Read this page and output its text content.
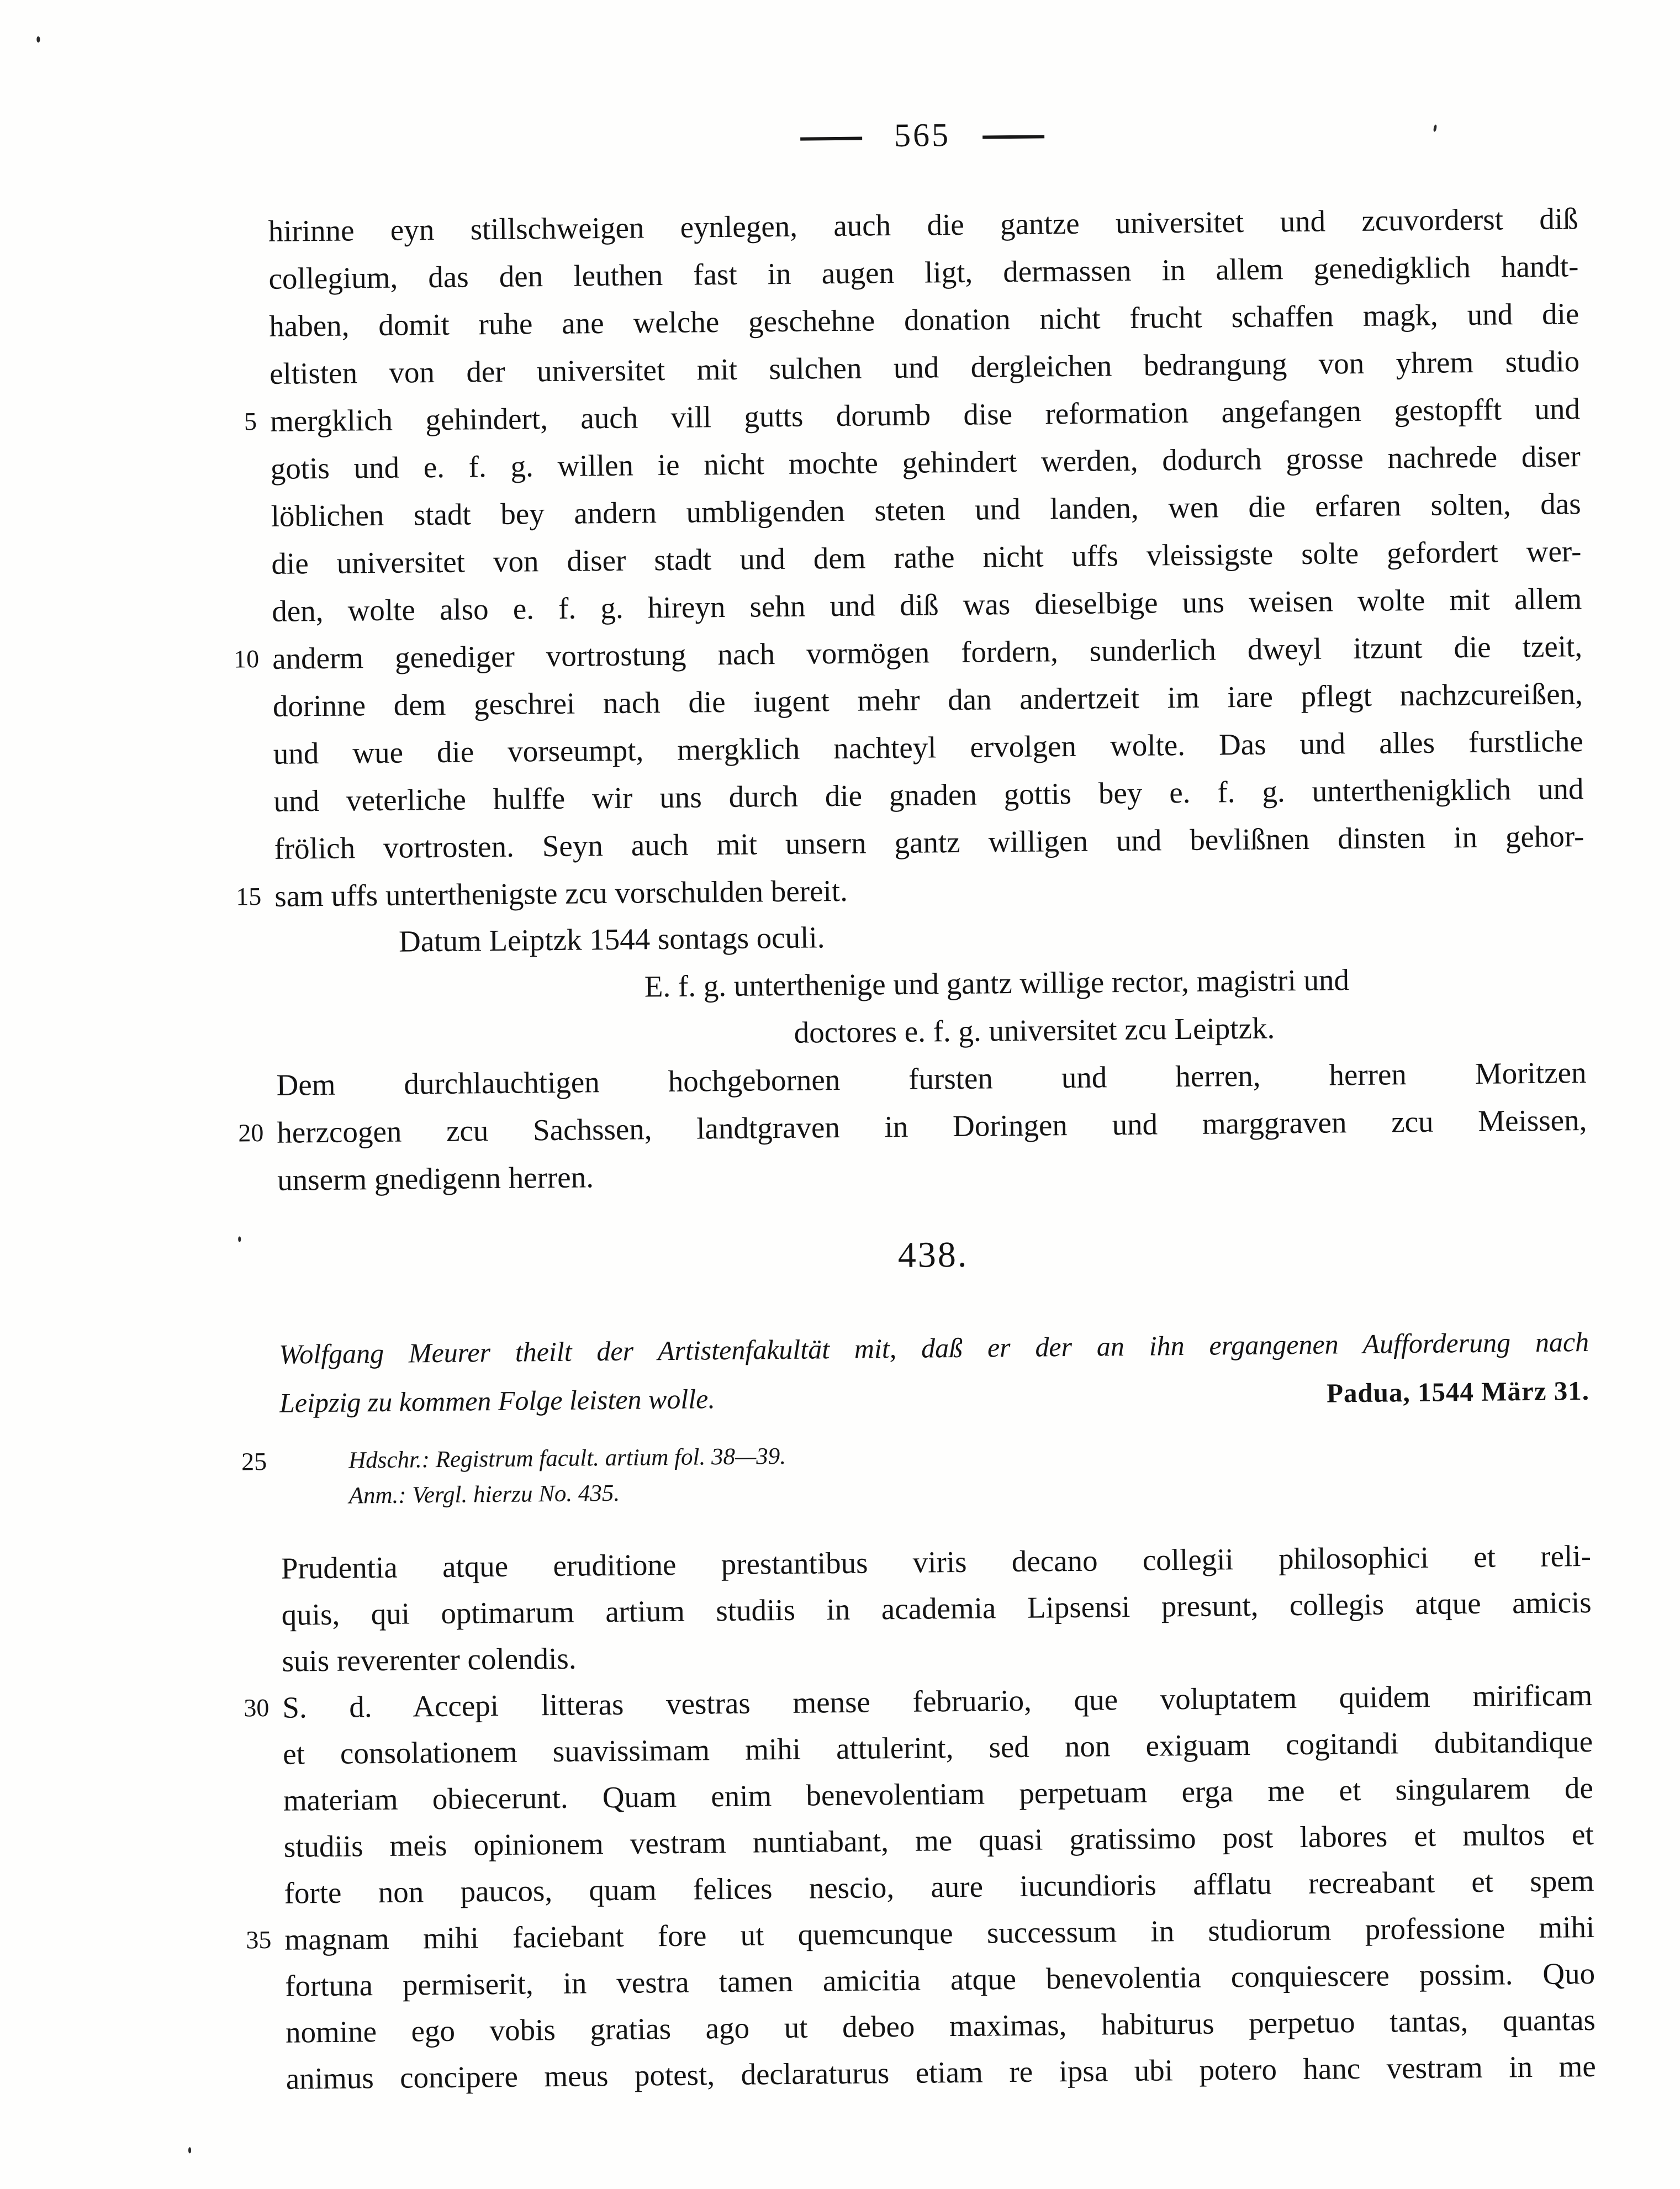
565
hirinne eyn stillschweigen eynlegen, auch die gantze universitet und zcuvorderst diß
collegium, das den leuthen fast in augen ligt, dermassen in allem genedigklich handt-
haben, domit ruhe ane welche geschehne donation nicht frucht schaffen magk, und die
eltisten von der universitet mit sulchen und dergleichen bedrangung von yhrem studio
5 mergklich gehindert, auch vill gutts dorumb dise reformation angefangen gestopfft und
gotis und e. f. g. willen ie nicht mochte gehindert werden, dodurch grosse nachrede diser
löblichen stadt bey andern umbligenden steten und landen, wen die erfaren solten, das
die universitet von diser stadt und dem rathe nicht uffs vleissigste solte gefordert wer-
den, wolte also e. f. g. hireyn sehn und diß was dieselbige uns weisen wolte mit allem
10 anderm genediger vortrostung nach vormögen fordern, sunderlich dweyl itzunt die tzeit,
dorinne dem geschrei nach die iugent mehr dan andertzeit im iare pflegt nachzcureißen,
und wue die vorseumpt, mergklich nachteyl ervolgen wolte. Das und alles furstliche
und veterliche hulffe wir uns durch die gnaden gottis bey e. f. g. unterthenigklich und
frölich vortrosten. Seyn auch mit unsern gantz willigen und bevlißnen dinsten in gehor-
15 sam uffs unterthenigste zcu vorschulden bereit.
Datum Leiptzk 1544 sontags oculi.
E. f. g. unterthenige und gantz willige rector, magistri und
doctores e. f. g. universitet zcu Leiptzk.
Dem durchlauchtigen hochgebornen fursten und herren, herren Moritzen
20 herzcogen zcu Sachssen, landtgraven in Doringen und marggraven zcu Meissen,
unserm gnedigenn herren.
438.
Wolfgang Meurer theilt der Artistenfakultät mit, daß er der an ihn ergangenen Aufforderung nach
Leipzig zu kommen Folge leisten wolle.	Padua, 1544 März 31.
25	Hdschr.: Registrum facult. artium fol. 38—39.
Anm.: Vergl. hierzu No. 435.
Prudentia atque eruditione prestantibus viris decano collegii philosophici et reli-
quis, qui optimarum artium studiis in academia Lipsensi presunt, collegis atque amicis
suis reverenter colendis.
30 S. d. Accepi litteras vestras mense februario, que voluptatem quidem mirificam
et consolationem suavissimam mihi attulerint, sed non exiguam cogitandi dubitandique
materiam obiecerunt. Quam enim benevolentiam perpetuam erga me et singularem de
studiis meis opinionem vestram nuntiabant, me quasi gratissimo post labores et multos et
forte non paucos, quam felices nescio, aure iucundioris afflatu recreabant et spem
35 magnam mihi faciebant fore ut quemcunque successum in studiorum professione mihi
fortuna permiserit, in vestra tamen amicitia atque benevolentia conquiescere possim. Quo
nomine ego vobis gratias ago ut debeo maximas, habiturus perpetuo tantas, quantas
animus concipere meus potest, declaraturus etiam re ipsa ubi potero hanc vestram in me
